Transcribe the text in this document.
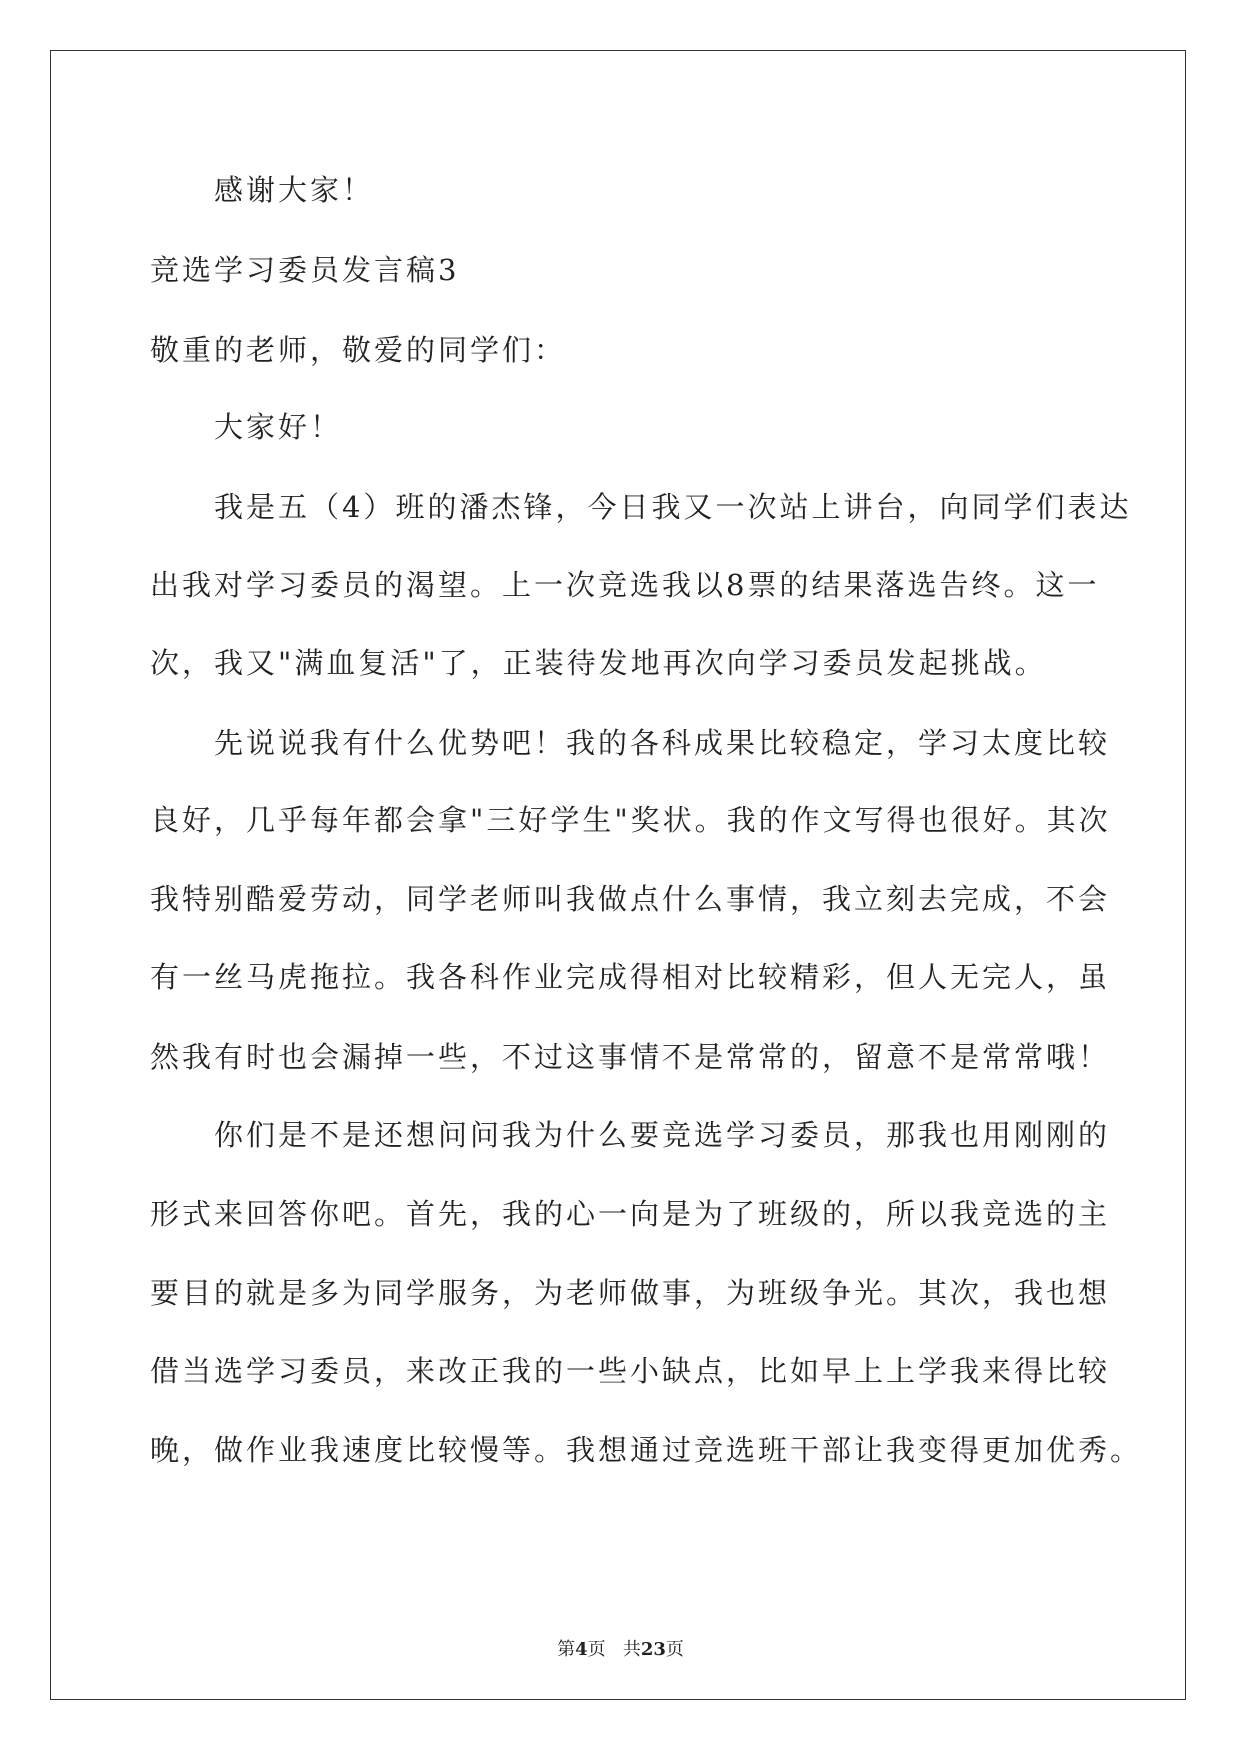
感谢大家！
竞选学习委员发言稿3
敬重的老师，敬爱的同学们：
大家好！
我是五（4）班的潘杰锋，今日我又一次站上讲台，向同学们表达
出我对学习委员的渴望。上一次竞选我以8票的结果落选告终。这一
次，我又"满血复活"了，正装待发地再次向学习委员发起挑战。
先说说我有什么优势吧！我的各科成果比较稳定，学习太度比较
良好，几乎每年都会拿"三好学生"奖状。我的作文写得也很好。其次
我特别酷爱劳动，同学老师叫我做点什么事情，我立刻去完成，不会
有一丝马虎拖拉。我各科作业完成得相对比较精彩，但人无完人，虽
然我有时也会漏掉一些，不过这事情不是常常的，留意不是常常哦！
你们是不是还想问问我为什么要竞选学习委员，那我也用刚刚的
形式来回答你吧。首先，我的心一向是为了班级的，所以我竞选的主
要目的就是多为同学服务，为老师做事，为班级争光。其次，我也想
借当选学习委员，来改正我的一些小缺点，比如早上上学我来得比较
晚，做作业我速度比较慢等。我想通过竞选班干部让我变得更加优秀。
第4页 共23页
